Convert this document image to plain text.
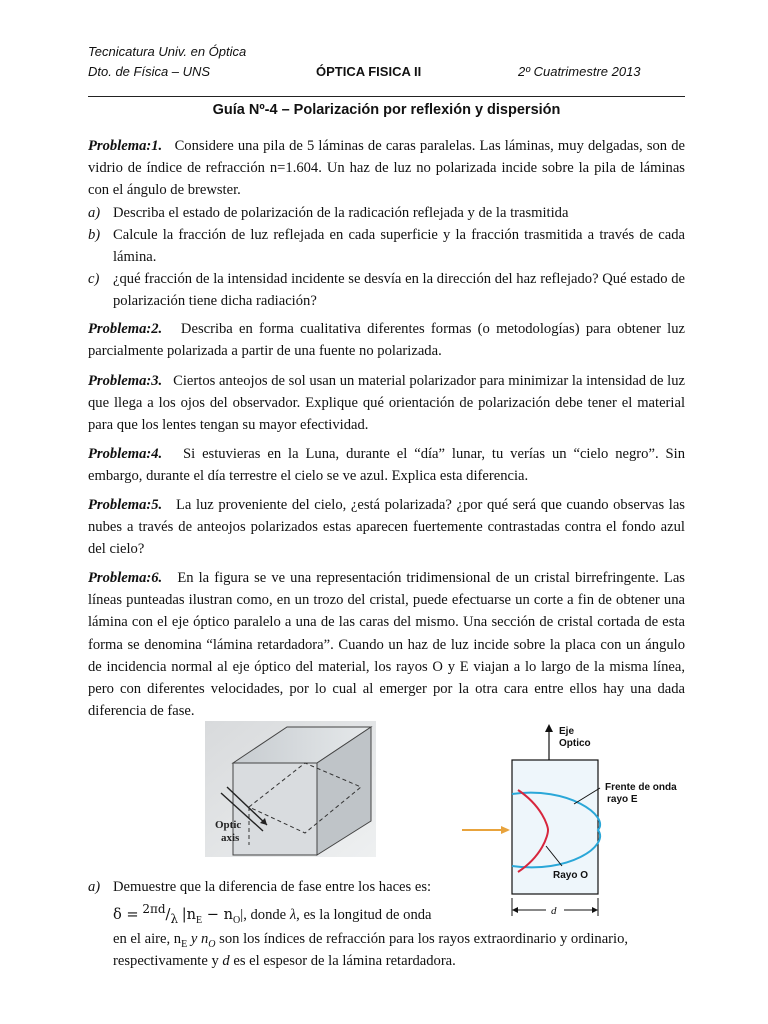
Tecnicatura Univ. en Óptica
Dto. de Física – UNS	ÓPTICA FISICA II	2º Cuatrimestre 2013
Guía Nº-4 – Polarización por reflexión y dispersión
Problema:1. Considere una pila de 5 láminas de caras paralelas. Las láminas, muy delgadas, son de vidrio de índice de refracción n=1.604. Un haz de luz no polarizada incide sobre la pila de láminas con el ángulo de brewster.
a) Describa el estado de polarización de la radicación reflejada y de la trasmitida
b) Calcule la fracción de luz reflejada en cada superficie y la fracción trasmitida a través de cada lámina.
c) ¿qué fracción de la intensidad incidente se desvía en la dirección del haz reflejado? Qué estado de polarización tiene dicha radiación?
Problema:2. Describa en forma cualitativa diferentes formas (o metodologías) para obtener luz parcialmente polarizada a partir de una fuente no polarizada.
Problema:3. Ciertos anteojos de sol usan un material polarizador para minimizar la intensidad de luz que llega a los ojos del observador. Explique qué orientación de polarización debe tener el material para que los lentes tengan su mayor efectividad.
Problema:4. Si estuvieras en la Luna, durante el “día” lunar, tu verías un “cielo negro”. Sin embargo, durante el día terrestre el cielo se ve azul. Explica esta diferencia.
Problema:5. La luz proveniente del cielo, ¿está polarizada? ¿por qué será que cuando observas las nubes a través de anteojos polarizados estas aparecen fuertemente contrastadas contra el fondo azul del cielo?
Problema:6. En la figura se ve una representación tridimensional de un cristal birrefringente. Las líneas punteadas ilustran como, en un trozo del cristal, puede efectuarse un corte a fin de obtener una lámina con el eje óptico paralelo a una de las caras del mismo. Una sección de cristal cortada de esta forma se denomina “lámina retardadora”. Cuando un haz de luz incide sobre la placa con un ángulo de incidencia normal al eje óptico del material, los rayos O y E viajan a lo largo de la misma línea, pero con diferentes velocidades, por lo cual al emerger por la otra cara entre ellos hay una dada diferencia de fase.
Optic
axis
Eje
Optico
Frente de onda
rayo E
Rayo O
d
a) Demuestre que la diferencia de fase entre los haces es:
$\delta = ^{2\pi d}/_\lambda$ $|n_E - n_O|$, donde λ, es la longitud de onda
en el aire, $n_E$ y $n_O$ son los índices de refracción para los rayos extraordinario y ordinario,
respectivamente y d es el espesor de la lámina retardadora.
